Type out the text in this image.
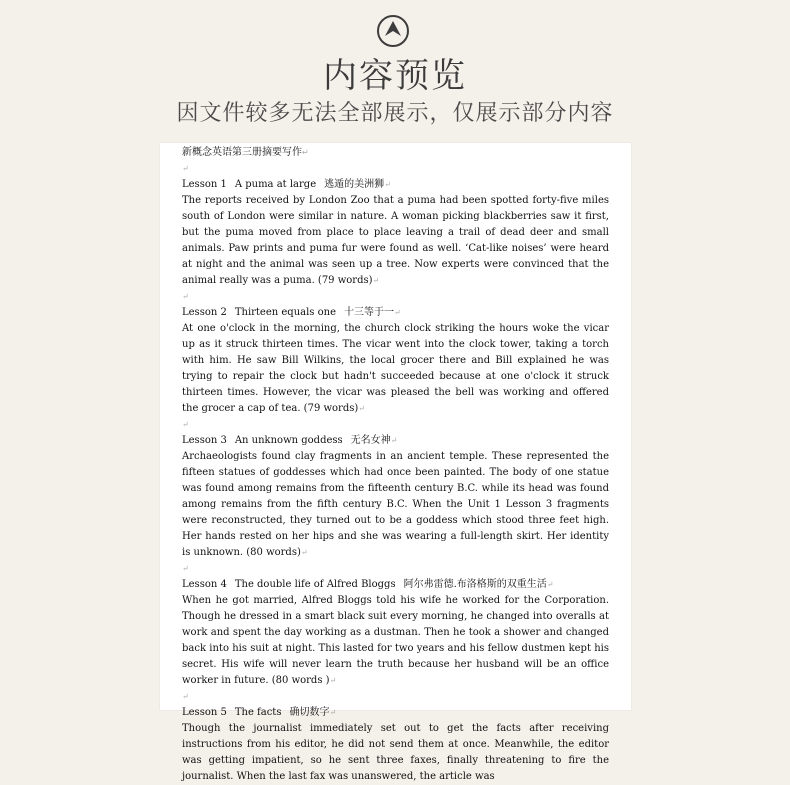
内容预览
因文件较多无法全部展示，仅展示部分内容
新概念英语第三册摘要写作↵
↵
Lesson 1 A puma at large 逃遁的美洲狮↵
The reports received by London Zoo that a puma had been spotted forty-five miles south of London were similar in nature. A woman picking blackberries saw it first, but the puma moved from place to place leaving a trail of dead deer and small animals. Paw prints and puma fur were found as well. ‘Cat-like noises’ were heard at night and the animal was seen up a tree. Now experts were convinced that the animal really was a puma. (79 words)↵
↵
Lesson 2 Thirteen equals one 十三等于一↵
At one o'clock in the morning, the church clock striking the hours woke the vicar up as it struck thirteen times. The vicar went into the clock tower, taking a torch with him. He saw Bill Wilkins, the local grocer there and Bill explained he was trying to repair the clock but hadn't succeeded because at one o'clock it struck thirteen times. However, the vicar was pleased the bell was working and offered the grocer a cap of tea. (79 words)↵
↵
Lesson 3 An unknown goddess 无名女神↵
Archaeologists found clay fragments in an ancient temple. These represented the fifteen statues of goddesses which had once been painted. The body of one statue was found among remains from the fifteenth century B.C. while its head was found among remains from the fifth century B.C. When the Unit 1 Lesson 3 fragments were reconstructed, they turned out to be a goddess which stood three feet high. Her hands rested on her hips and she was wearing a full-length skirt. Her identity is unknown. (80 words)↵
↵
Lesson 4 The double life of Alfred Bloggs 阿尔弗雷德.布洛格斯的双重生活↵
When he got married, Alfred Bloggs told his wife he worked for the Corporation. Though he dressed in a smart black suit every morning, he changed into overalls at work and spent the day working as a dustman. Then he took a shower and changed back into his suit at night. This lasted for two years and his fellow dustmen kept his secret. His wife will never learn the truth because her husband will be an office worker in future. (80 words )↵
↵
Lesson 5 The facts 确切数字↵
Though the journalist immediately set out to get the facts after receiving instructions from his editor, he did not send them at once. Meanwhile, the editor was getting impatient, so he sent three faxes, finally threatening to fire the journalist. When the last fax was unanswered, the article was
